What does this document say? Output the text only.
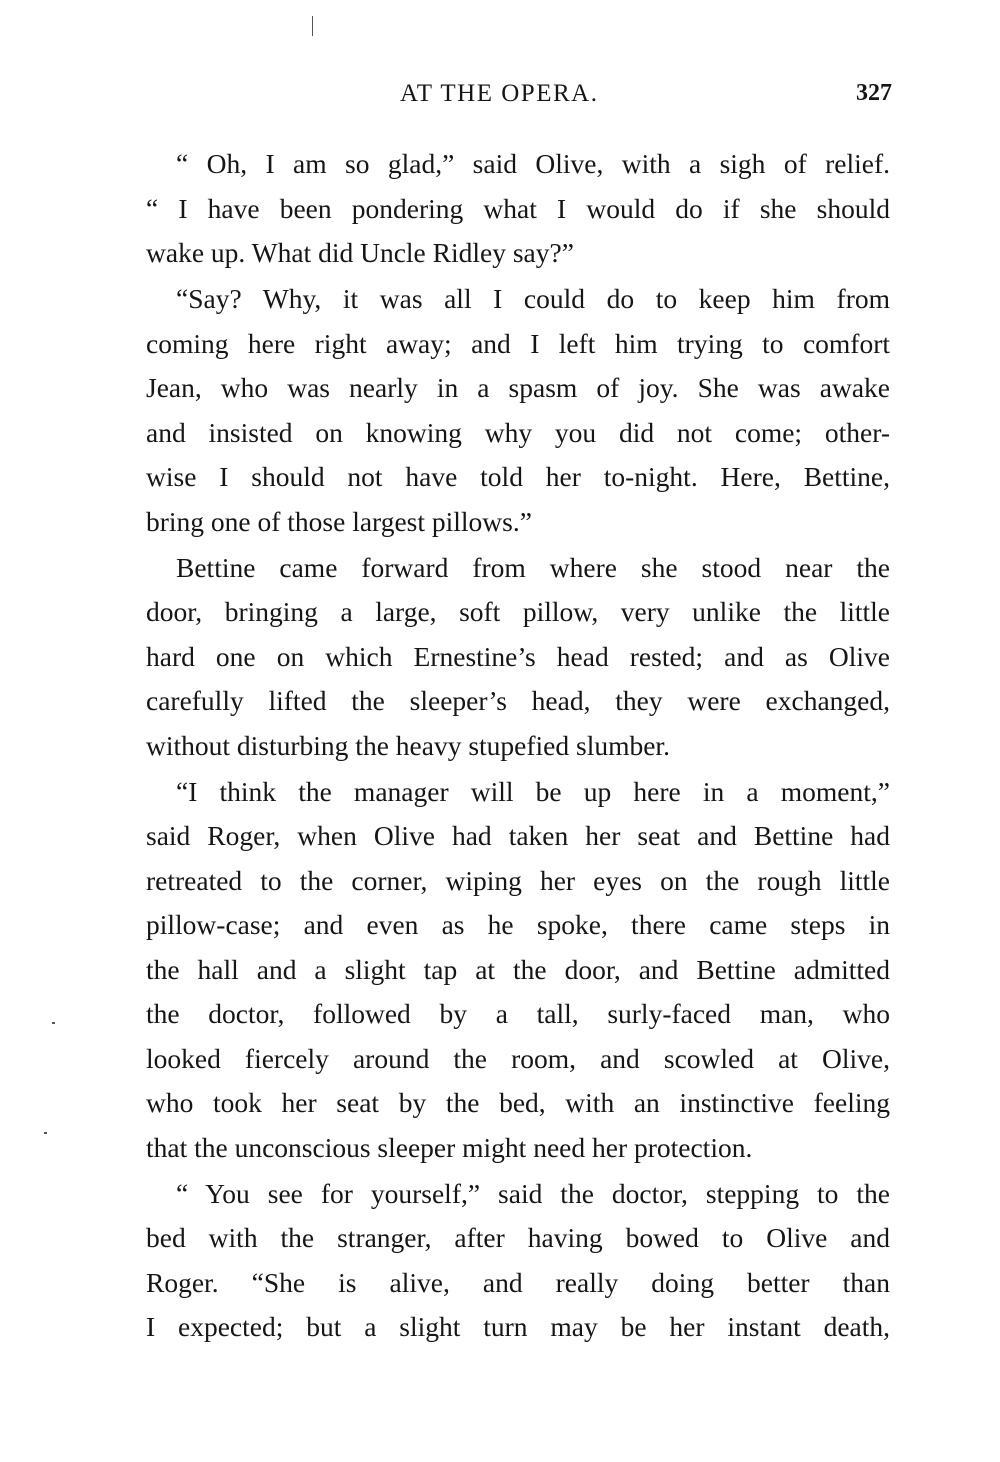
AT THE OPERA.	327

“ Oh, I am so glad,” said Olive, with a sigh of relief.
“ I have been pondering what I would do if she should
wake up. What did Uncle Ridley say?”

“Say? Why, it was all I could do to keep him from
coming here right away; and I left him trying to comfort
Jean, who was nearly in a spasm of joy. She was awake
and insisted on knowing why you did not come; other-
wise I should not have told her to-night. Here, Bettine,
bring one of those largest pillows.”

Bettine came forward from where she stood near the
door, bringing a large, soft pillow, very unlike the little
hard one on which Ernestine’s head rested; and as Olive
carefully lifted the sleeper’s head, they were exchanged,
without disturbing the heavy stupefied slumber.

“I think the manager will be up here in a moment,”
said Roger, when Olive had taken her seat and Bettine had
retreated to the corner, wiping her eyes on the rough little
pillow-case; and even as he spoke, there came steps in
the hall and a slight tap at the door, and Bettine admitted
the doctor, followed by a tall, surly-faced man, who
looked fiercely around the room, and scowled at Olive,
who took her seat by the bed, with an instinctive feeling
that the unconscious sleeper might need her protection.

“ You see for yourself,” said the doctor, stepping to the
bed with the stranger, after having bowed to Olive and
Roger. “She is alive, and really doing better than
I expected; but a slight turn may be her instant death,
